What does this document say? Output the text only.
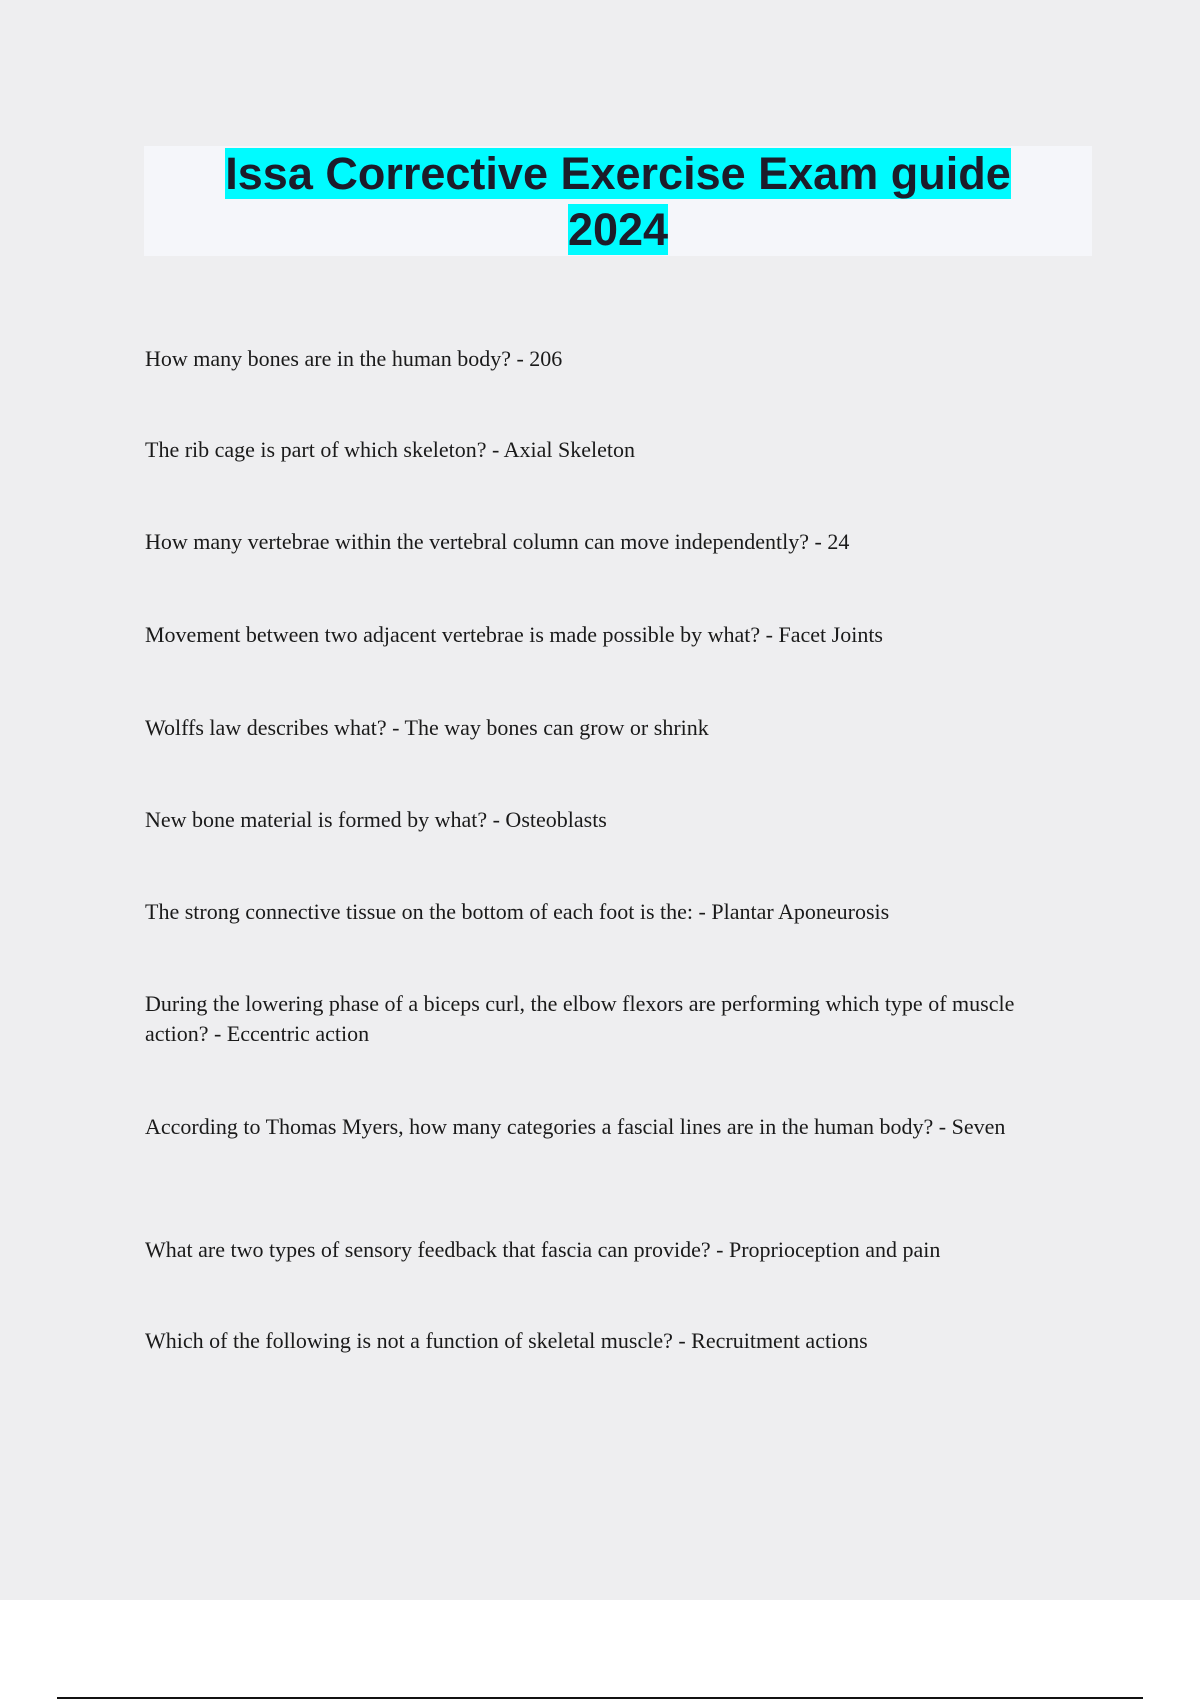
Issa Corrective Exercise Exam guide
2024
How many bones are in the human body? - 206
The rib cage is part of which skeleton? - Axial Skeleton
How many vertebrae within the vertebral column can move independently? - 24
Movement between two adjacent vertebrae is made possible by what? - Facet Joints
Wolffs law describes what? - The way bones can grow or shrink
New bone material is formed by what? - Osteoblasts
The strong connective tissue on the bottom of each foot is the: - Plantar Aponeurosis
During the lowering phase of a biceps curl, the elbow flexors are performing which type of muscle action? - Eccentric action
According to Thomas Myers, how many categories a fascial lines are in the human body? - Seven
What are two types of sensory feedback that fascia can provide? - Proprioception and pain
Which of the following is not a function of skeletal muscle? - Recruitment actions
